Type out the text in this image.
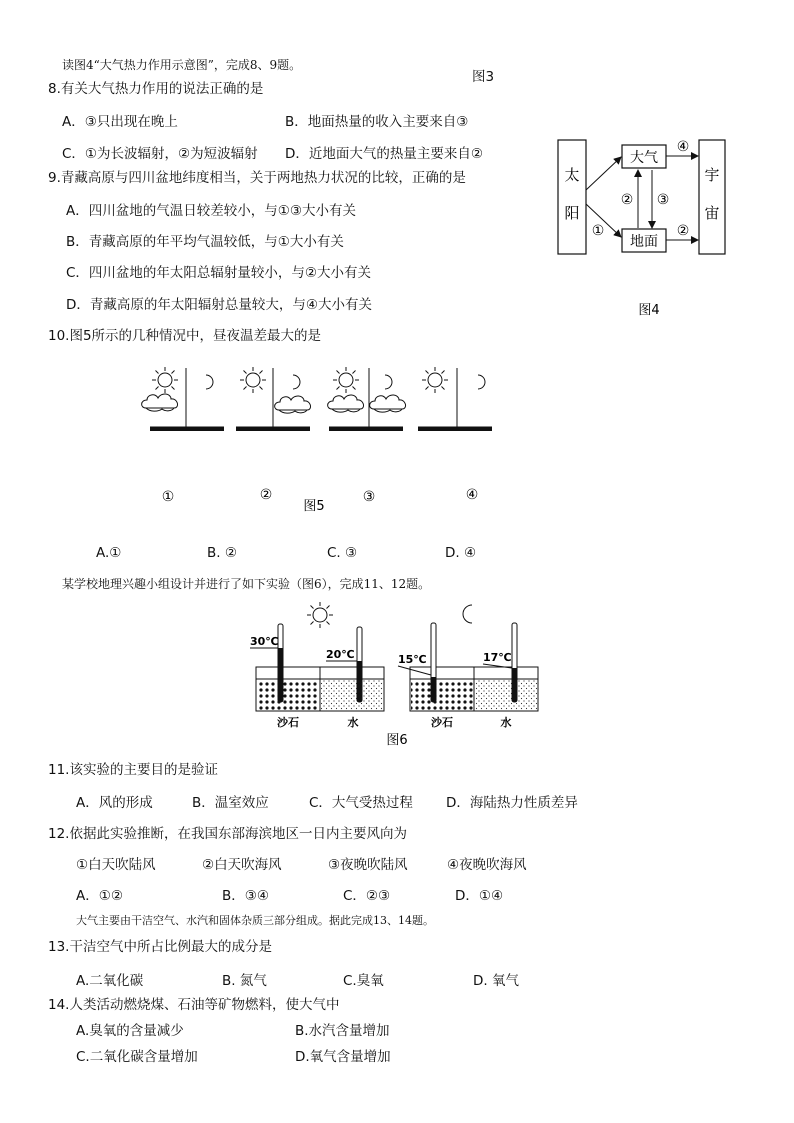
读图4“大气热力作用示意图”，完成8、9题。
图3
8.有关大气热力作用的说法正确的是
A．③只出现在晚上	B．地面热量的收入主要来自③
C．①为长波辐射，②为短波辐射 D．近地面大气的热量主要来自②
9.青藏高原与四川盆地纬度相当，关于两地热力状况的比较，正确的是
A．四川盆地的气温日较差较小，与①③大小有关
B．青藏高原的年平均气温较低，与①大小有关
C．四川盆地的年太阳总辐射量较小，与②大小有关
D．青藏高原的年太阳辐射总量较大，与④大小有关
太
阳
大气
地面
宇
宙
①
② ③
④
②
图4
10.图5所示的几种情况中，昼夜温差最大的是
①	②	③	④
图5
A.①	B. ②	C. ③	D. ④
某学校地理兴趣小组设计并进行了如下实验（图6），完成11、12题。
30℃
20℃
沙石	水
15℃	17℃
沙石	水
图6
11.该实验的主要目的是验证
A．风的形成	B．温室效应	C．大气受热过程 D．海陆热力性质差异
12.依据此实验推断，在我国东部海滨地区一日内主要风向为
①白天吹陆风	②白天吹海风	③夜晚吹陆风	④夜晚吹海风
A．①②	B．③④	C．②③	D．①④
大气主要由干洁空气、水汽和固体杂质三部分组成。据此完成13、14题。
13.干洁空气中所占比例最大的成分是
A.二氧化碳	B. 氮气	C.臭氧	D. 氧气
14.人类活动燃烧煤、石油等矿物燃料，使大气中
A.臭氧的含量减少	B.水汽含量增加
C.二氧化碳含量增加	D.氧气含量增加
